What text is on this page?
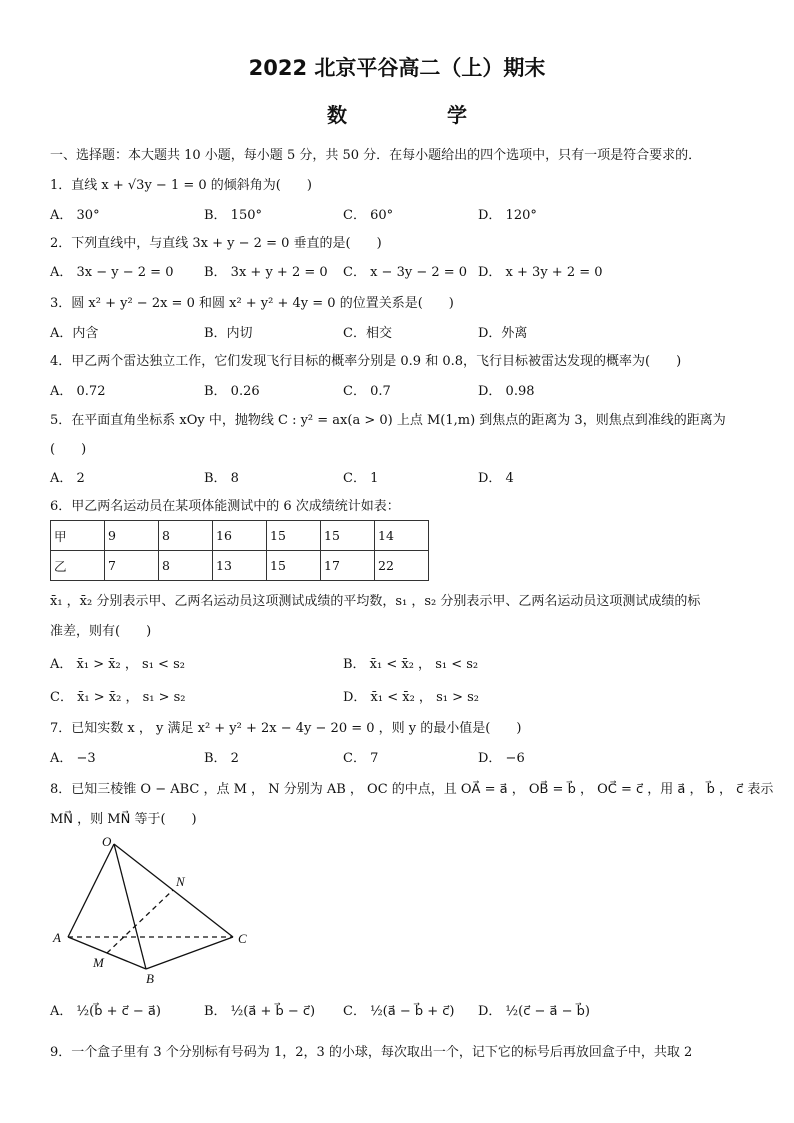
2022 北京平谷高二（上）期末
数　学
一、选择题：本大题共 10 小题，每小题 5 分，共 50 分．在每小题给出的四个选项中，只有一项是符合要求的．
1．直线 x + √3y − 1 = 0 的倾斜角为(　　)
A． 30°	B． 150°	C． 60°	D． 120°
2．下列直线中，与直线 3x + y − 2 = 0 垂直的是(　　)
A． 3x − y − 2 = 0 B． 3x + y + 2 = 0 C． x − 3y − 2 = 0 D． x + 3y + 2 = 0
3．圆 x² + y² − 2x = 0 和圆 x² + y² + 4y = 0 的位置关系是(　　)
A．内含	B．内切	C．相交	D．外离
4．甲乙两个雷达独立工作，它们发现飞行目标的概率分别是 0.9 和 0.8，飞行目标被雷达发现的概率为(　　)
A． 0.72	B． 0.26	C． 0.7	D． 0.98
5．在平面直角坐标系 xOy 中，抛物线 C : y² = ax(a > 0) 上点 M(1,m) 到焦点的距离为 3，则焦点到准线的距离为
(　　)
A． 2	B． 8	C． 1	D． 4
6．甲乙两名运动员在某项体能测试中的 6 次成绩统计如表：
甲	9	8	16	15	15	14
乙	7	8	13	15	17	22
x̄₁ ，x̄₂ 分别表示甲、乙两名运动员这项测试成绩的平均数，s₁ ，s₂ 分别表示甲、乙两名运动员这项测试成绩的标
准差，则有(　　)
A． x̄₁ > x̄₂ ， s₁ < s₂	B． x̄₁ < x̄₂ ， s₁ < s₂
C． x̄₁ > x̄₂ ， s₁ > s₂	D． x̄₁ < x̄₂ ， s₁ > s₂
7．已知实数 x ， y 满足 x² + y² + 2x − 4y − 20 = 0 ，则 y 的最小值是(　　)
A． −3	B． 2	C． 7	D． −6
8．已知三棱锥 O − ABC ，点 M ， N 分别为 AB ， OC 的中点，且 OA⃗ = a⃗ ， OB⃗ = b⃗ ， OC⃗ = c⃗ ，用 a⃗ ， b⃗ ， c⃗ 表示
MN⃗ ，则 MN⃗ 等于(　　)
O
N
A	C
M
B
A． ½(b⃗ + c⃗ − a⃗)	B． ½(a⃗ + b⃗ − c⃗) C． ½(a⃗ − b⃗ + c⃗) D． ½(c⃗ − a⃗ − b⃗)
9．一个盒子里有 3 个分别标有号码为 1，2，3 的小球，每次取出一个，记下它的标号后再放回盒子中，共取 2
